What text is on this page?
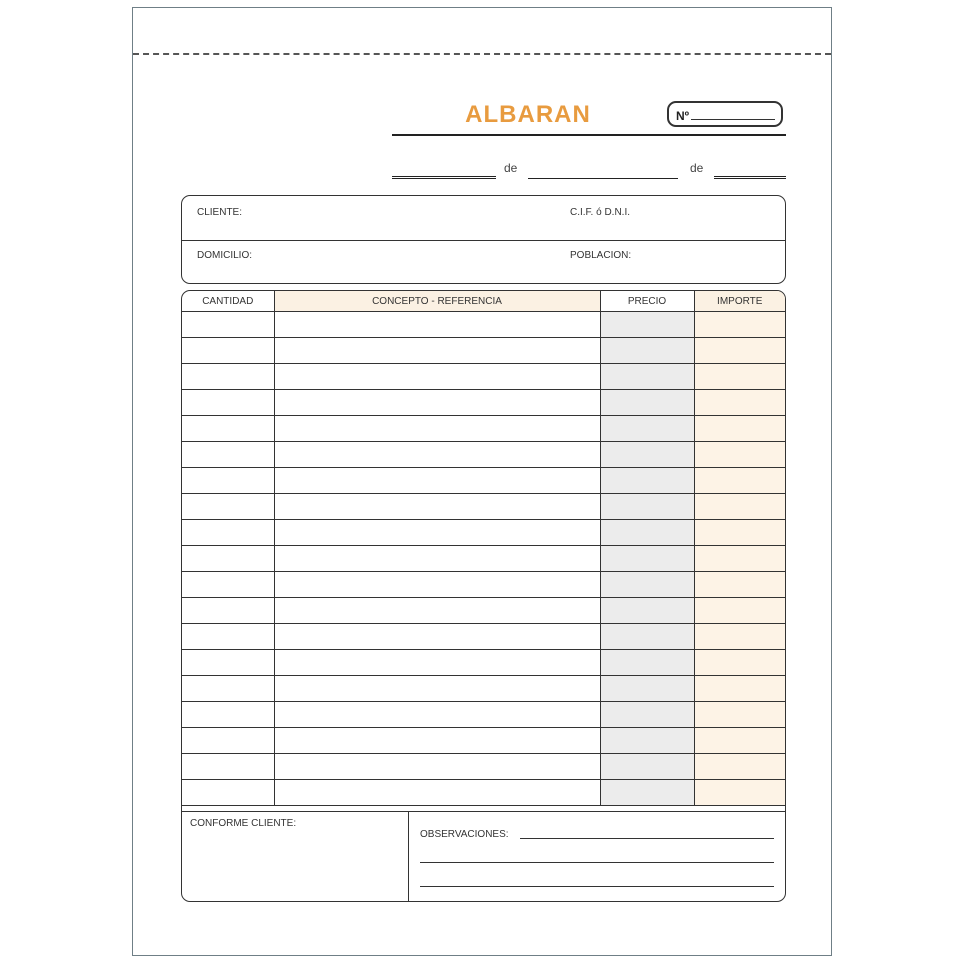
ALBARAN	Nº
de	de
CLIENTE:	C.I.F. ó D.N.I.
DOMICILIO:	POBLACION:
CANTIDAD	CONCEPTO - REFERENCIA	PRECIO	IMPORTE

CONFORME CLIENTE:
OBSERVACIONES:
